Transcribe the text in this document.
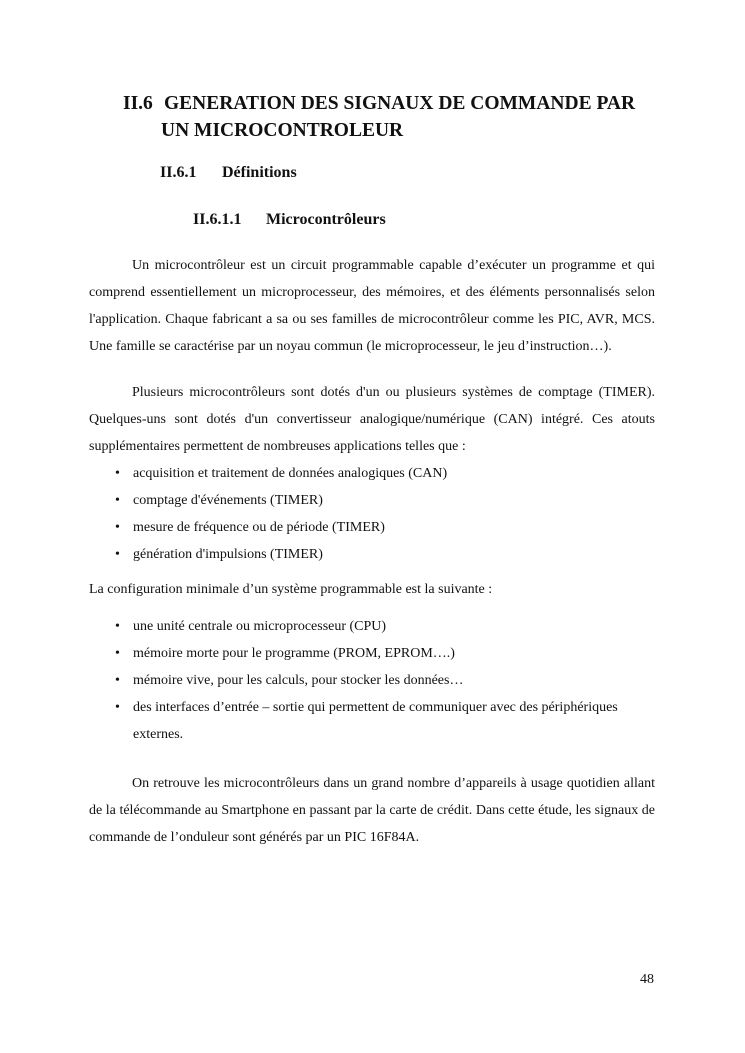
II.6 GENERATION DES SIGNAUX DE COMMANDE PAR
UN MICROCONTROLEUR
II.6.1 Définitions
II.6.1.1 Microcontrôleurs

Un microcontrôleur est un circuit programmable capable d’exécuter un programme et qui comprend essentiellement un microprocesseur, des mémoires, et des éléments personnalisés selon l'application. Chaque fabricant a sa ou ses familles de microcontrôleur comme les PIC, AVR, MCS. Une famille se caractérise par un noyau commun (le microprocesseur, le jeu d’instruction…).

Plusieurs microcontrôleurs sont dotés d'un ou plusieurs systèmes de comptage (TIMER). Quelques-uns sont dotés d'un convertisseur analogique/numérique (CAN) intégré. Ces atouts supplémentaires permettent de nombreuses applications telles que :

• acquisition et traitement de données analogiques (CAN)
• comptage d'événements (TIMER)
• mesure de fréquence ou de période (TIMER)
• génération d'impulsions (TIMER)
La configuration minimale d’un système programmable est la suivante :
• une unité centrale ou microprocesseur (CPU)
• mémoire morte pour le programme (PROM, EPROM….)
• mémoire vive, pour les calculs, pour stocker les données…
• des interfaces d’entrée – sortie qui permettent de communiquer avec des périphériques externes.

On retrouve les microcontrôleurs dans un grand nombre d’appareils à usage quotidien allant de la télécommande au Smartphone en passant par la carte de crédit. Dans cette étude, les signaux de commande de l’onduleur sont générés par un PIC 16F84A.

48
